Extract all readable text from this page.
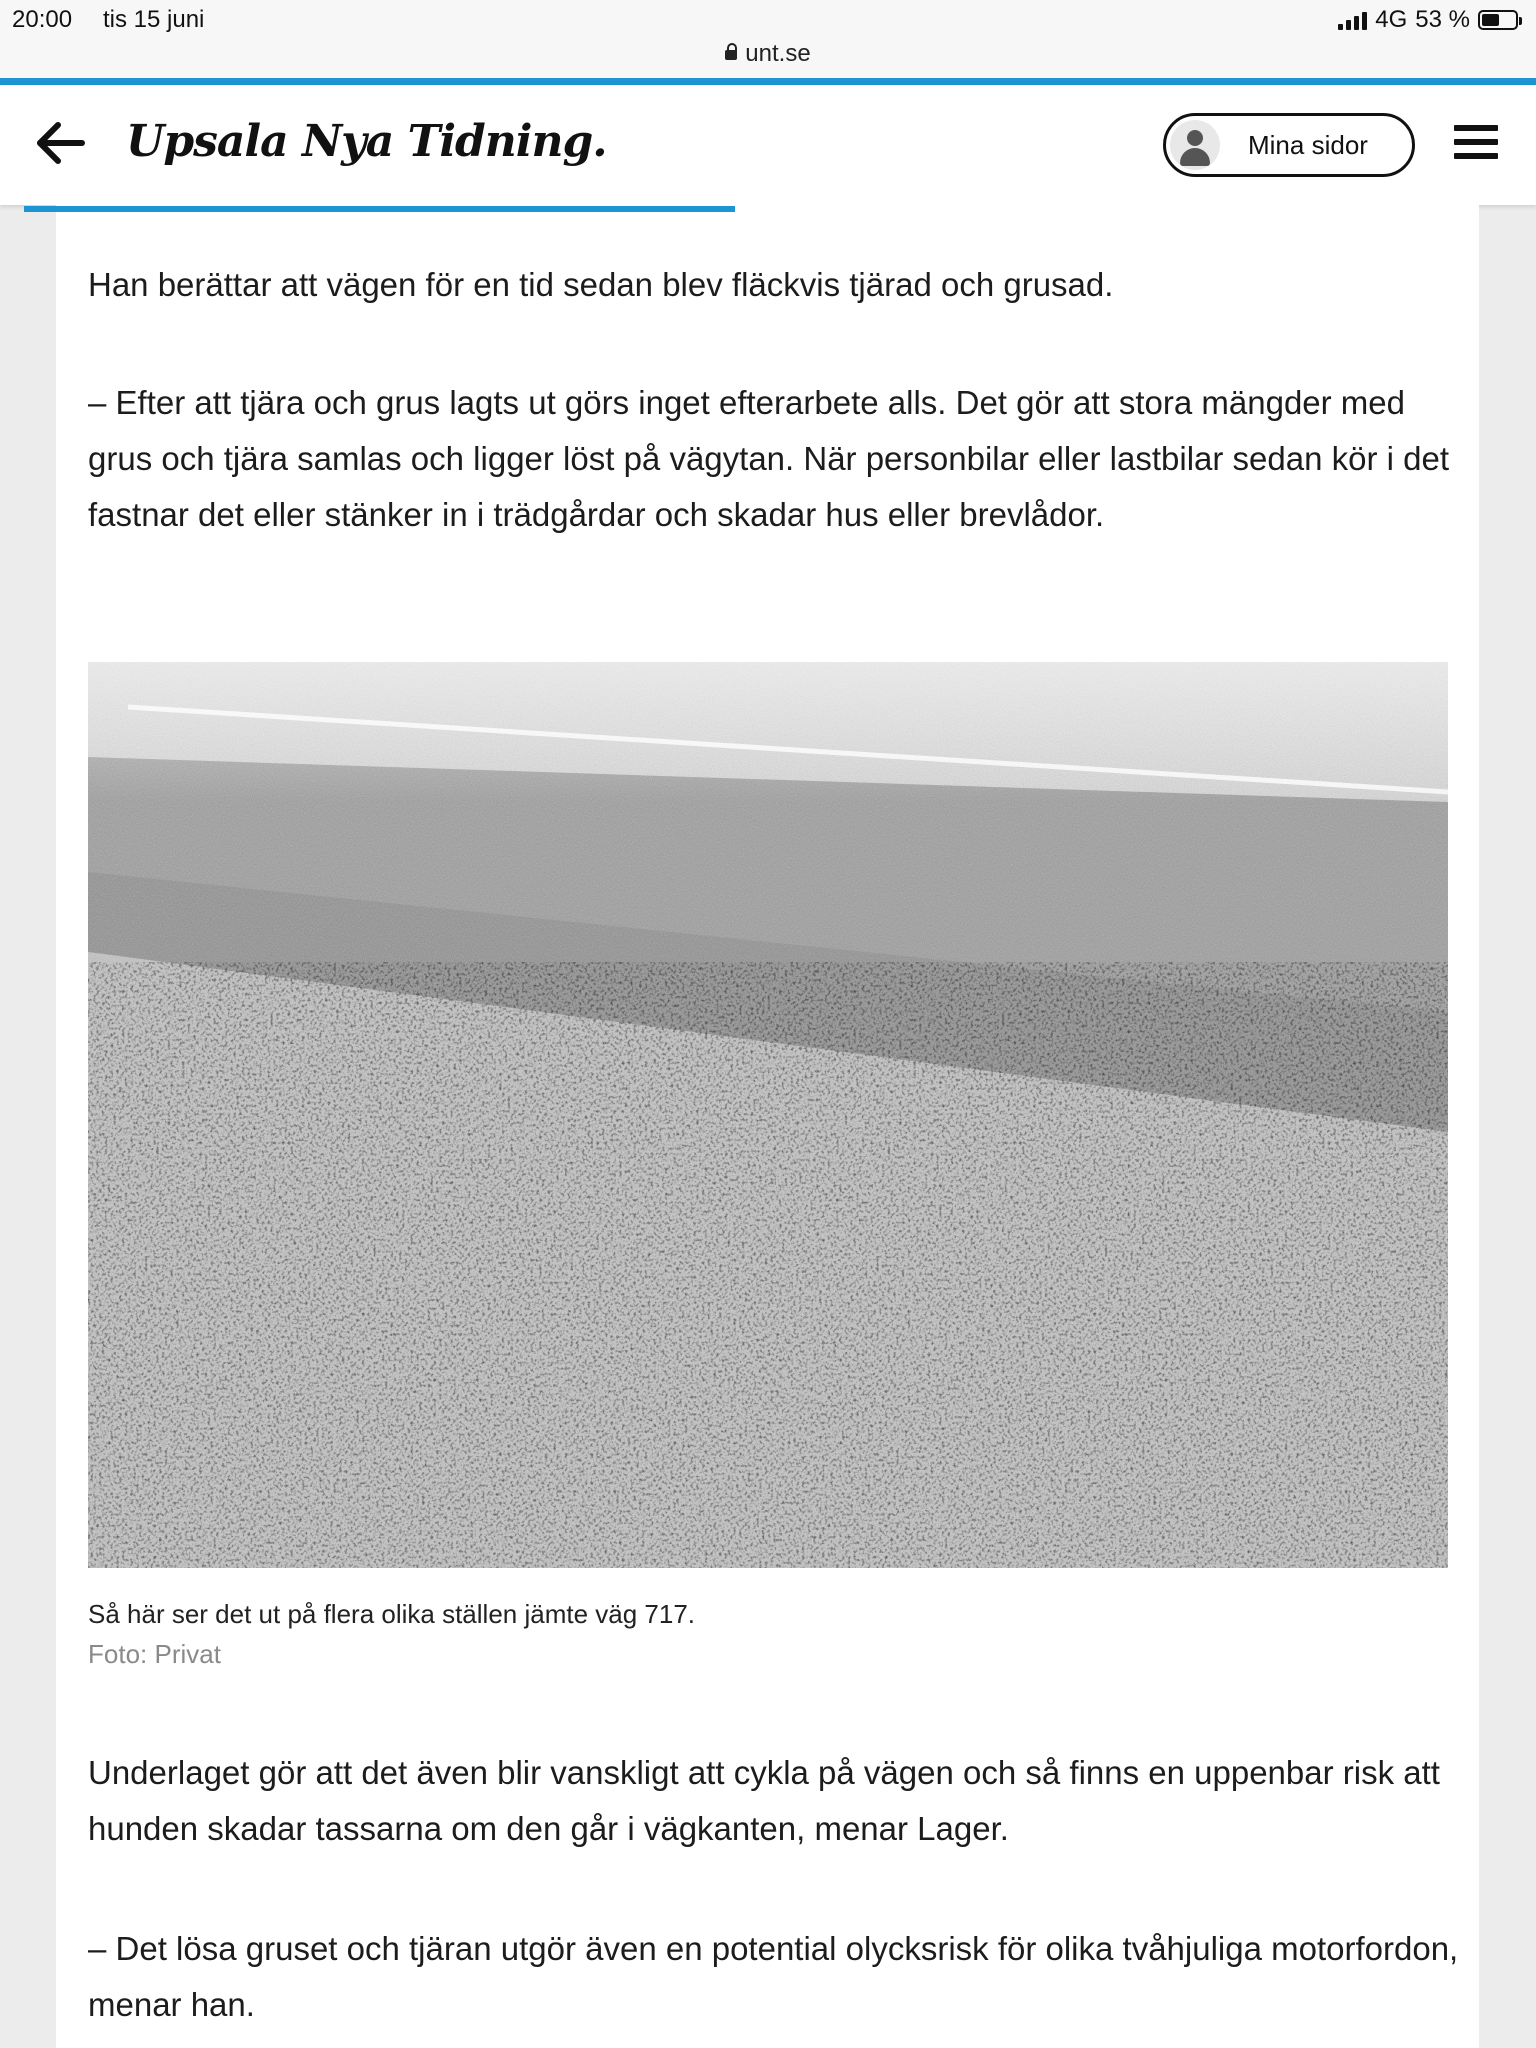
20:00 tis 15 juni	4G 53 %
unt.se
Upsala Nya Tidning.	Mina sidor

Han berättar att vägen för en tid sedan blev fläckvis tjärad och grusad.

– Efter att tjära och grus lagts ut görs inget efterarbete alls. Det gör att stora mängder med grus och tjära samlas och ligger löst på vägytan. När personbilar eller lastbilar sedan kör i det fastnar det eller stänker in i trädgårdar och skadar hus eller brevlådor.

Så här ser det ut på flera olika ställen jämte väg 717.
Foto: Privat

Underlaget gör att det även blir vanskligt att cykla på vägen och så finns en uppenbar risk att hunden skadar tassarna om den går i vägkanten, menar Lager.

– Det lösa gruset och tjäran utgör även en potential olycksrisk för olika tvåhjuliga motorfordon, menar han.
